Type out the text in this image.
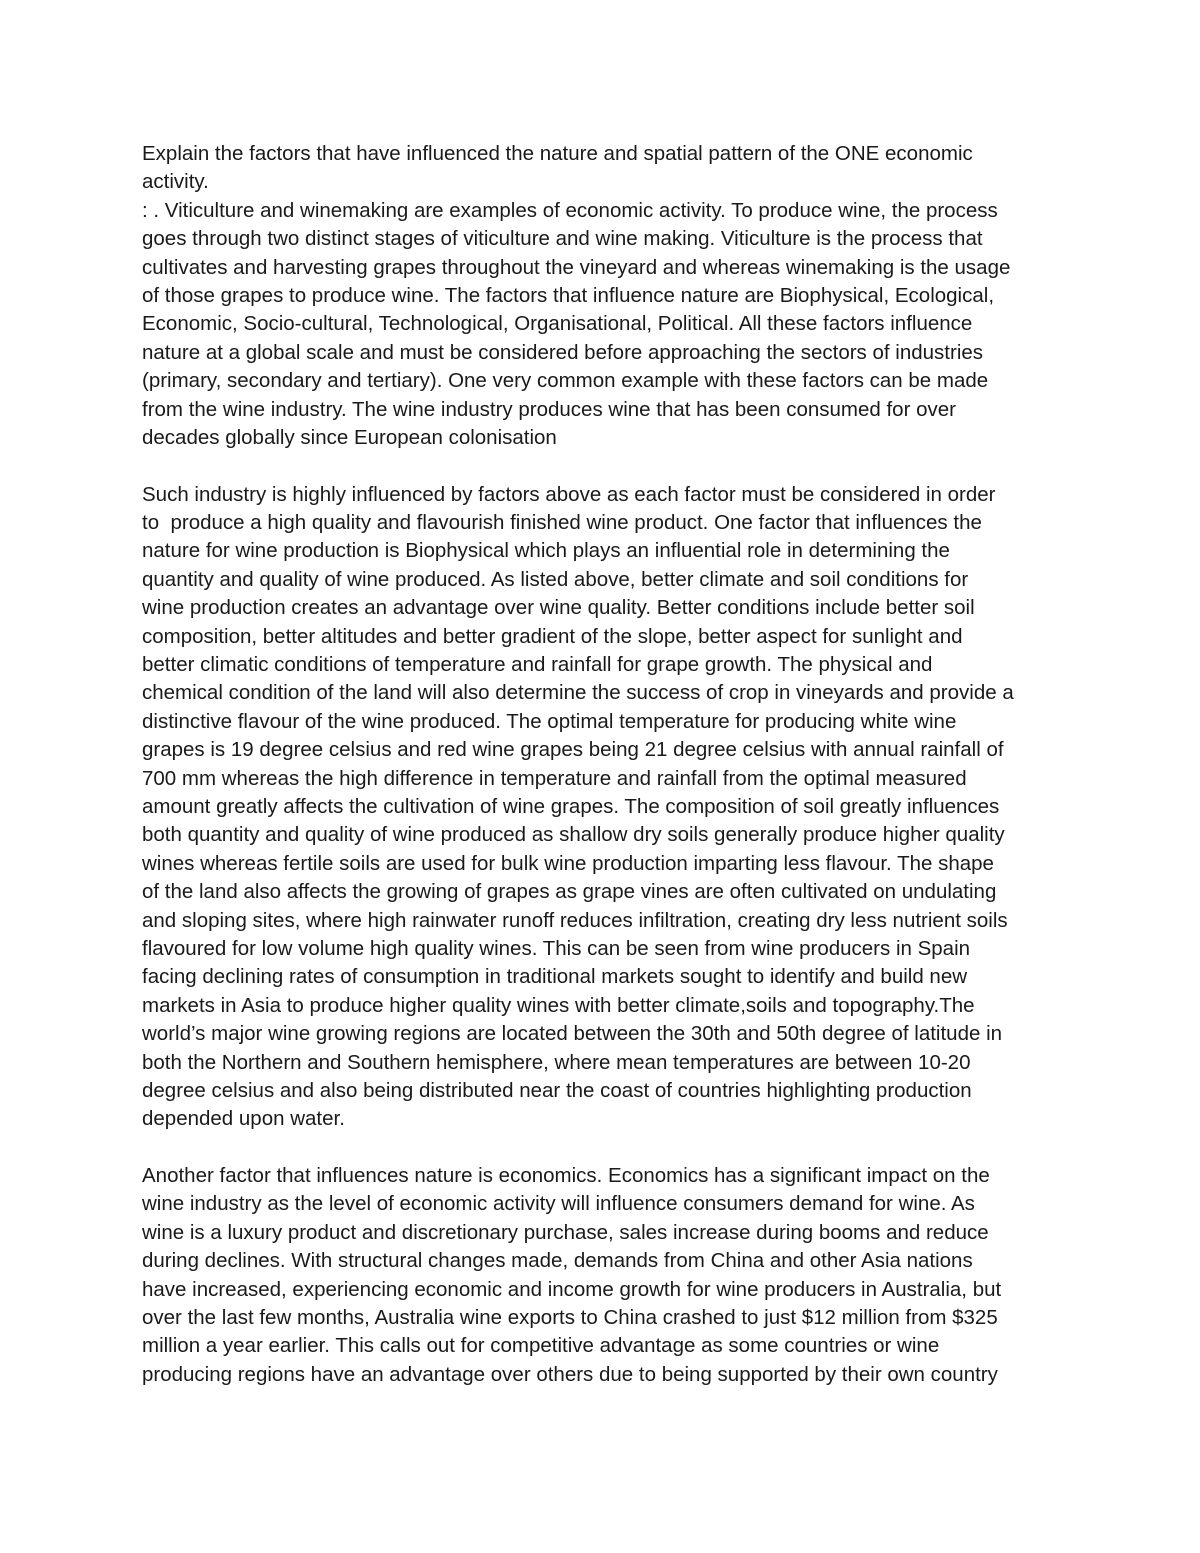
Explain the factors that have influenced the nature and spatial pattern of the ONE economic
activity.
: . Viticulture and winemaking are examples of economic activity. To produce wine, the process
goes through two distinct stages of viticulture and wine making. Viticulture is the process that
cultivates and harvesting grapes throughout the vineyard and whereas winemaking is the usage
of those grapes to produce wine. The factors that influence nature are Biophysical, Ecological,
Economic, Socio-cultural, Technological, Organisational, Political. All these factors influence
nature at a global scale and must be considered before approaching the sectors of industries
(primary, secondary and tertiary). One very common example with these factors can be made
from the wine industry. The wine industry produces wine that has been consumed for over
decades globally since European colonisation
Such industry is highly influenced by factors above as each factor must be considered in order
to  produce a high quality and flavourish finished wine product. One factor that influences the
nature for wine production is Biophysical which plays an influential role in determining the
quantity and quality of wine produced. As listed above, better climate and soil conditions for
wine production creates an advantage over wine quality. Better conditions include better soil
composition, better altitudes and better gradient of the slope, better aspect for sunlight and
better climatic conditions of temperature and rainfall for grape growth. The physical and
chemical condition of the land will also determine the success of crop in vineyards and provide a
distinctive flavour of the wine produced. The optimal temperature for producing white wine
grapes is 19 degree celsius and red wine grapes being 21 degree celsius with annual rainfall of
700 mm whereas the high difference in temperature and rainfall from the optimal measured
amount greatly affects the cultivation of wine grapes. The composition of soil greatly influences
both quantity and quality of wine produced as shallow dry soils generally produce higher quality
wines whereas fertile soils are used for bulk wine production imparting less flavour. The shape
of the land also affects the growing of grapes as grape vines are often cultivated on undulating
and sloping sites, where high rainwater runoff reduces infiltration, creating dry less nutrient soils
flavoured for low volume high quality wines. This can be seen from wine producers in Spain
facing declining rates of consumption in traditional markets sought to identify and build new
markets in Asia to produce higher quality wines with better climate,soils and topography.The
world’s major wine growing regions are located between the 30th and 50th degree of latitude in
both the Northern and Southern hemisphere, where mean temperatures are between 10-20
degree celsius and also being distributed near the coast of countries highlighting production
depended upon water.
Another factor that influences nature is economics. Economics has a significant impact on the
wine industry as the level of economic activity will influence consumers demand for wine. As
wine is a luxury product and discretionary purchase, sales increase during booms and reduce
during declines. With structural changes made, demands from China and other Asia nations
have increased, experiencing economic and income growth for wine producers in Australia, but
over the last few months, Australia wine exports to China crashed to just $12 million from $325
million a year earlier. This calls out for competitive advantage as some countries or wine
producing regions have an advantage over others due to being supported by their own country
